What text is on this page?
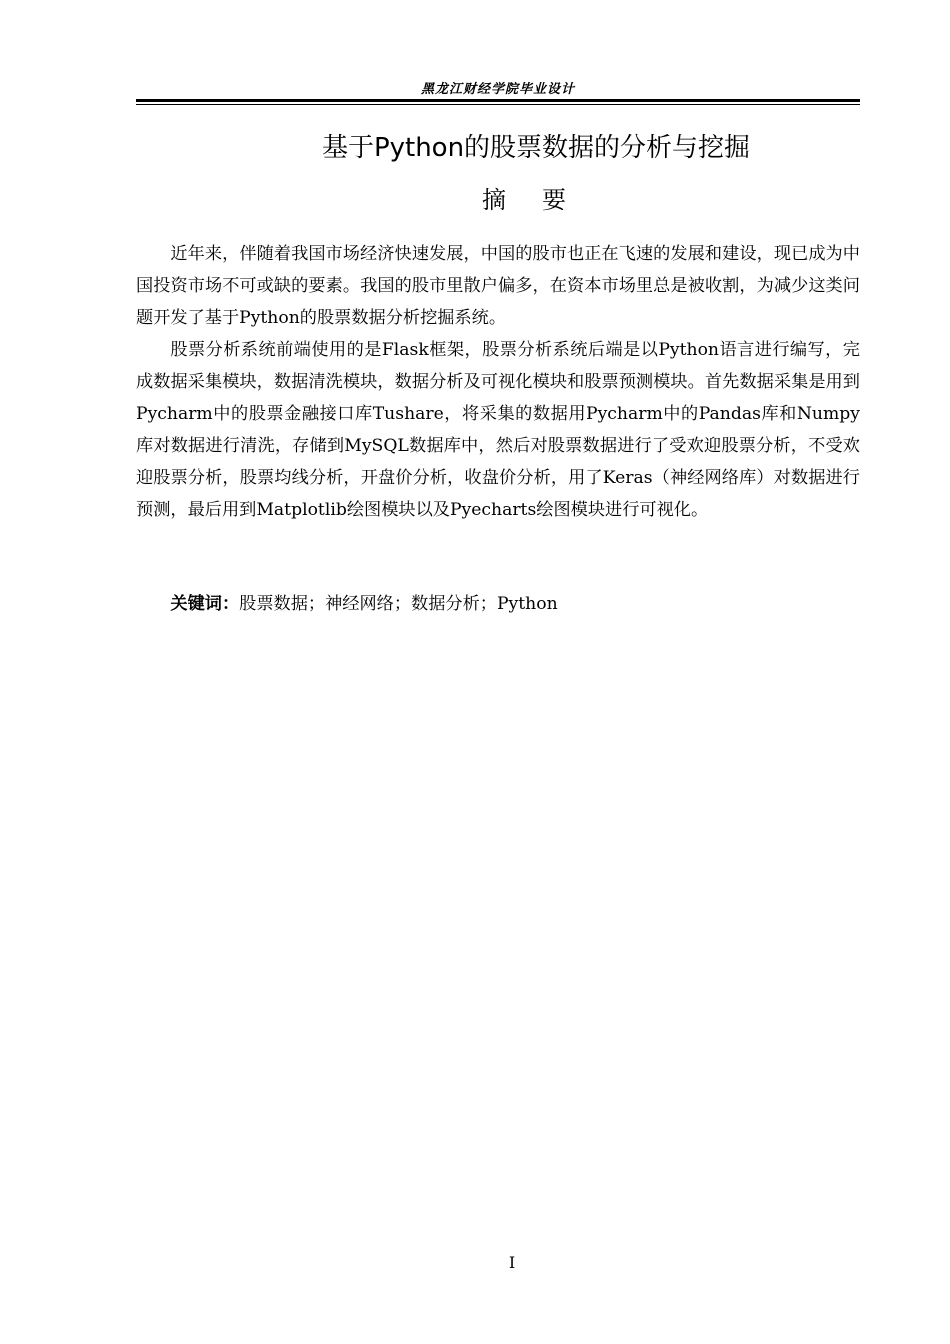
黑龙江财经学院毕业设计
基于Python的股票数据的分析与挖掘
摘要

近年来，伴随着我国市场经济快速发展，中国的股市也正在飞速的发展和建设，现已成为中国投资市场不可或缺的要素。我国的股市里散户偏多，在资本市场里总是被收割，为减少这类问题开发了基于Python的股票数据分析挖掘系统。

股票分析系统前端使用的是Flask框架，股票分析系统后端是以Python语言进行编写，完成数据采集模块，数据清洗模块，数据分析及可视化模块和股票预测模块。首先数据采集是用到Pycharm中的股票金融接口库Tushare，将采集的数据用Pycharm中的Pandas库和Numpy库对数据进行清洗，存储到MySQL数据库中，然后对股票数据进行了受欢迎股票分析，不受欢迎股票分析，股票均线分析，开盘价分析，收盘价分析，用了Keras（神经网络库）对数据进行预测，最后用到Matplotlib绘图模块以及Pyecharts绘图模块进行可视化。

关键词：股票数据；神经网络；数据分析；Python
I
